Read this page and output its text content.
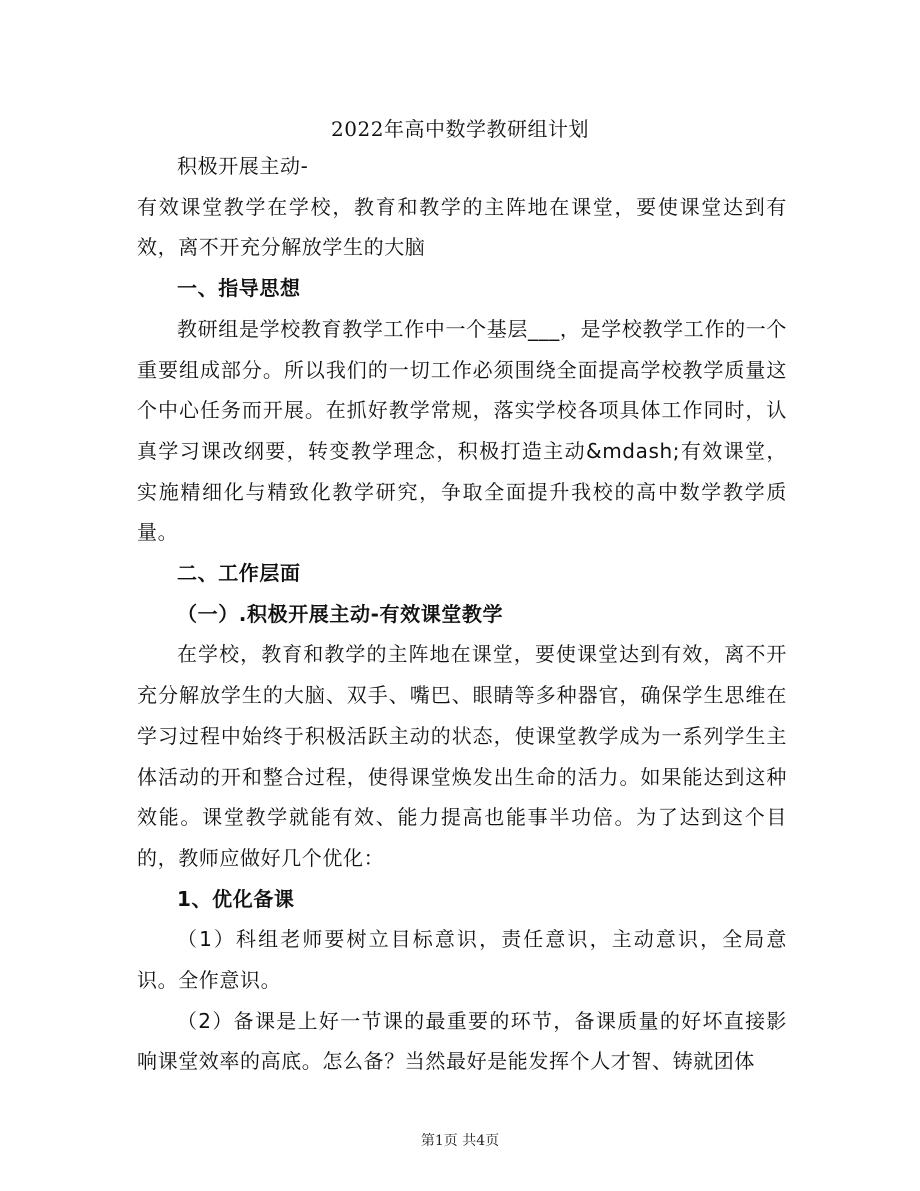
2022年高中数学教研组计划

积极开展主动-

有效课堂教学在学校，教育和教学的主阵地在课堂，要使课堂达到有效，离不开充分解放学生的大脑

一、指导思想

教研组是学校教育教学工作中一个基层___，是学校教学工作的一个重要组成部分。所以我们的一切工作必须围绕全面提高学校教学质量这个中心任务而开展。在抓好教学常规，落实学校各项具体工作同时，认真学习课改纲要，转变教学理念，积极打造主动&mdash;有效课堂，实施精细化与精致化教学研究，争取全面提升我校的高中数学教学质量。

二、工作层面

（一）.积极开展主动-有效课堂教学

在学校，教育和教学的主阵地在课堂，要使课堂达到有效，离不开充分解放学生的大脑、双手、嘴巴、眼睛等多种器官，确保学生思维在学习过程中始终于积极活跃主动的状态，使课堂教学成为一系列学生主体活动的开和整合过程，使得课堂焕发出生命的活力。如果能达到这种效能。课堂教学就能有效、能力提高也能事半功倍。为了达到这个目的，教师应做好几个优化：

1、优化备课

（1）科组老师要树立目标意识，责任意识，主动意识，全局意识。全作意识。

（2）备课是上好一节课的最重要的环节，备课质量的好坏直接影响课堂效率的高底。怎么备？当然最好是能发挥个人才智、铸就团体

第1页 共4页
